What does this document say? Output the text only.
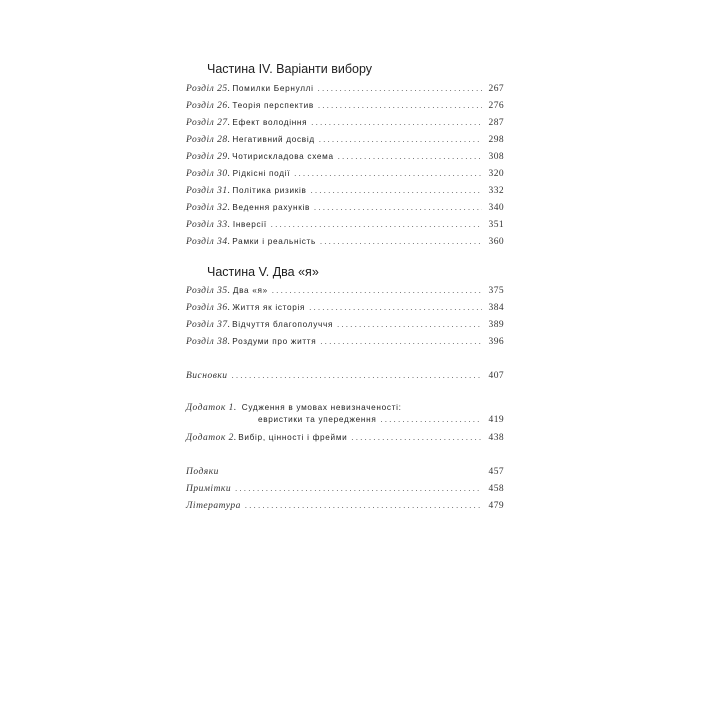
Частина IV. Варіанти вибору
Розділ 25. Помилки Бернуллі . . .	267
Розділ 26. Теорія перспектив . . .	276
Розділ 27. Ефект володіння . . .	287
Розділ 28. Негативний досвід . . .	298
Розділ 29. Чотирискладова схема . . .	308
Розділ 30. Рідкісні події . . .	320
Розділ 31. Політика ризиків . . .	332
Розділ 32. Ведення рахунків . . .	340
Розділ 33. Інверсії . . .	351
Розділ 34. Рамки і реальність . . .	360
Частина V. Два «я»
Розділ 35. Два «я» . . .	375
Розділ 36. Життя як історія . . .	384
Розділ 37. Відчуття благополуччя . . .	389
Розділ 38. Роздуми про життя . . .	396
Висновки . . .	407
Додаток 1. Судження в умовах невизначеності:
евристики та упередження . . .	419
Додаток 2. Вибір, цінності і фрейми . . .	438
Подяки	457
Примітки . . .	458
Література . . .	479
